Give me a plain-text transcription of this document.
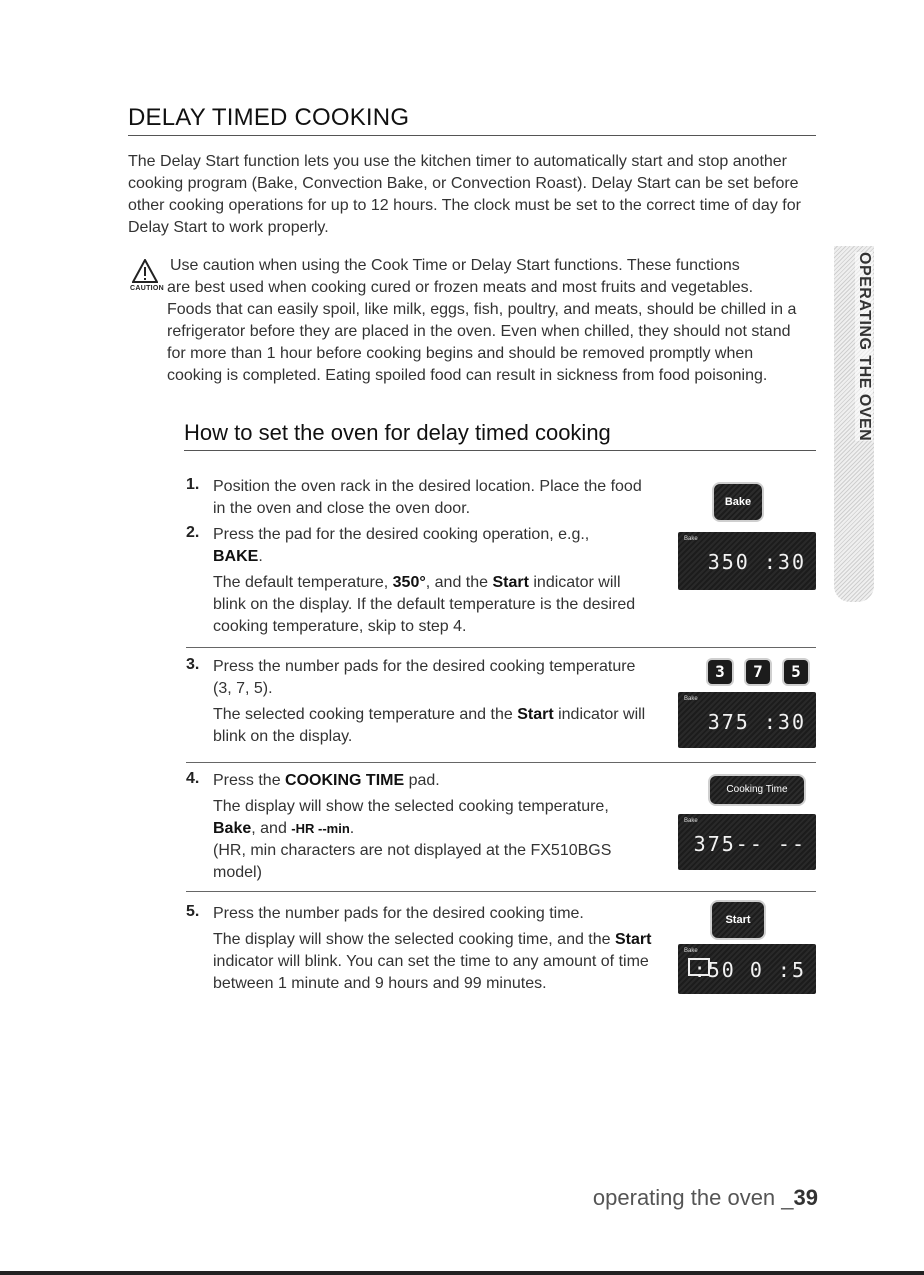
DELAY TIMED COOKING
The Delay Start function lets you use the kitchen timer to automatically start and stop another cooking program (Bake, Convection Bake, or Convection Roast). Delay Start can be set before other cooking operations for up to 12 hours. The clock must be set to the correct time of day for Delay Start to work properly.
CAUTION
Use caution when using the Cook Time or Delay Start functions. These functions
are best used when cooking cured or frozen meats and most fruits and vegetables.
Foods that can easily spoil, like milk, eggs, fish, poultry, and meats, should be chilled in a refrigerator before they are placed in the oven. Even when chilled, they should not stand for more than 1 hour before cooking begins and should be removed promptly when cooking is completed. Eating spoiled food can result in sickness from food poisoning.
How to set the oven for delay timed cooking	OPERATING THE OVEN
1. Position the oven rack in the desired location. Place the food in the oven and close the oven door.
2. Press the pad for the desired cooking operation, e.g.,
BAKE.
The default temperature, 350°, and the Start indicator will blink on the display. If the default temperature is the desired cooking temperature, skip to step 4.
3. Press the number pads for the desired cooking temperature (3, 7, 5).
The selected cooking temperature and the Start indicator will blink on the display.
4. Press the COOKING TIME pad.
The display will show the selected cooking temperature,
Bake, and -HR --min.
(HR, min characters are not displayed at the FX510BGS model)
5. Press the number pads for the desired cooking time.
The display will show the selected cooking time, and the Start indicator will blink. You can set the time to any amount of time between 1 minute and 9 hours and 99 minutes.
Bake
Bake
350 :30
3	7	5
Bake
375 :30
Cooking Time
Bake
375-- --
Start
Bake
:50 0 :5
operating the oven _39
